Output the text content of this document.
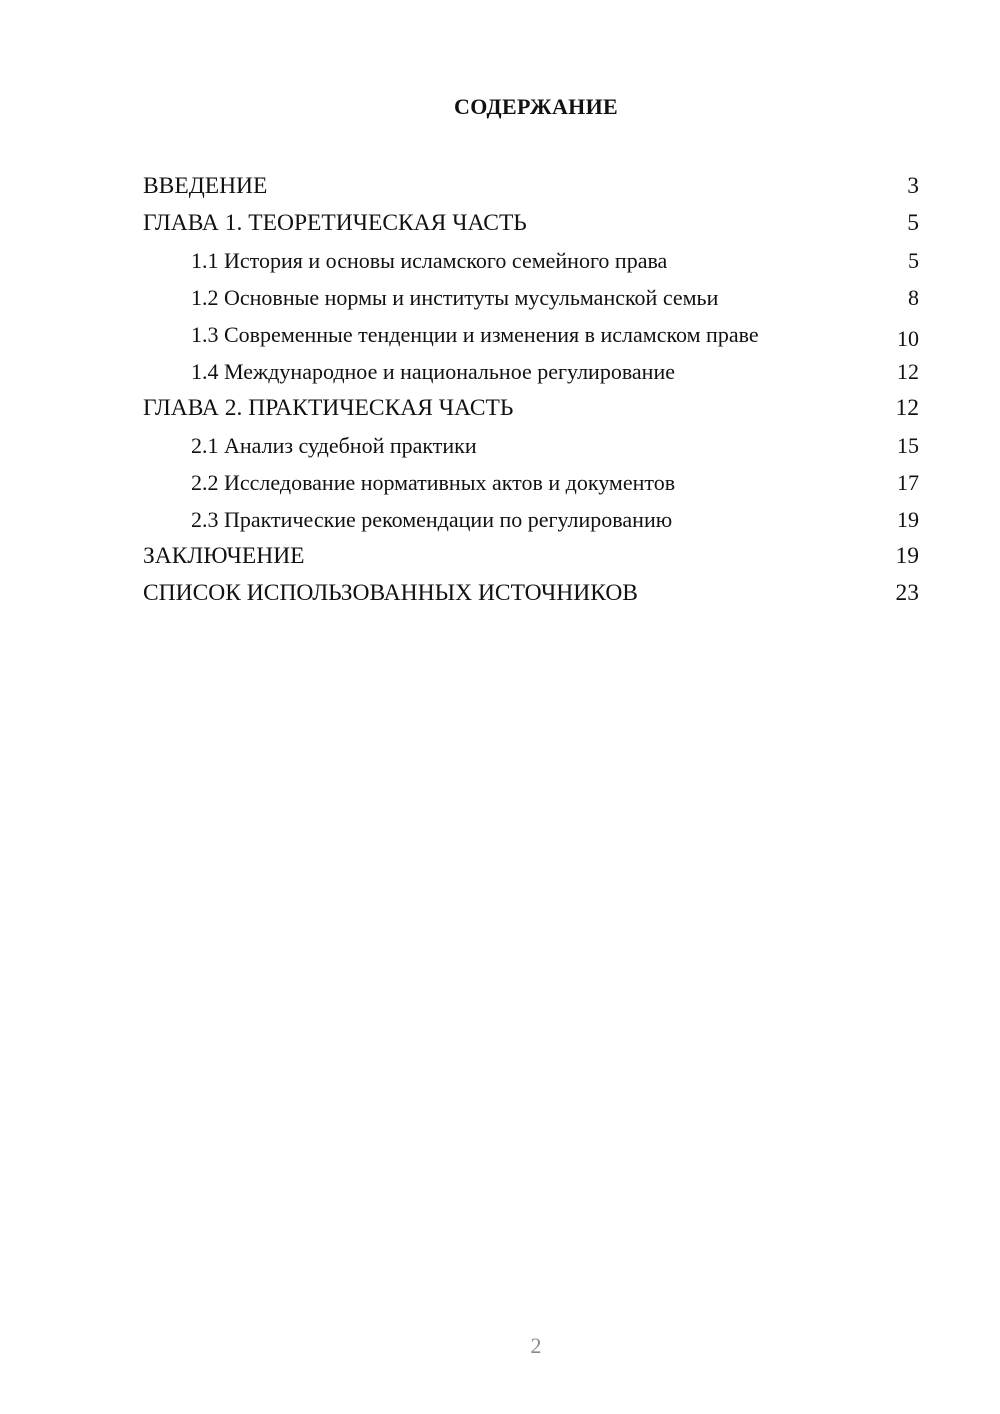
СОДЕРЖАНИЕ
ВВЕДЕНИЕ	3
ГЛАВА 1. ТЕОРЕТИЧЕСКАЯ ЧАСТЬ	5
1.1 История и основы исламского семейного права	5
1.2 Основные нормы и институты мусульманской семьи	8
1.3 Современные тенденции и изменения в исламском праве	10
1.4 Международное и национальное регулирование	12
ГЛАВА 2. ПРАКТИЧЕСКАЯ ЧАСТЬ	12
2.1 Анализ судебной практики	15
2.2 Исследование нормативных актов и документов	17
2.3 Практические рекомендации по регулированию	19
ЗАКЛЮЧЕНИЕ	19
СПИСОК ИСПОЛЬЗОВАННЫХ ИСТОЧНИКОВ	23
2
